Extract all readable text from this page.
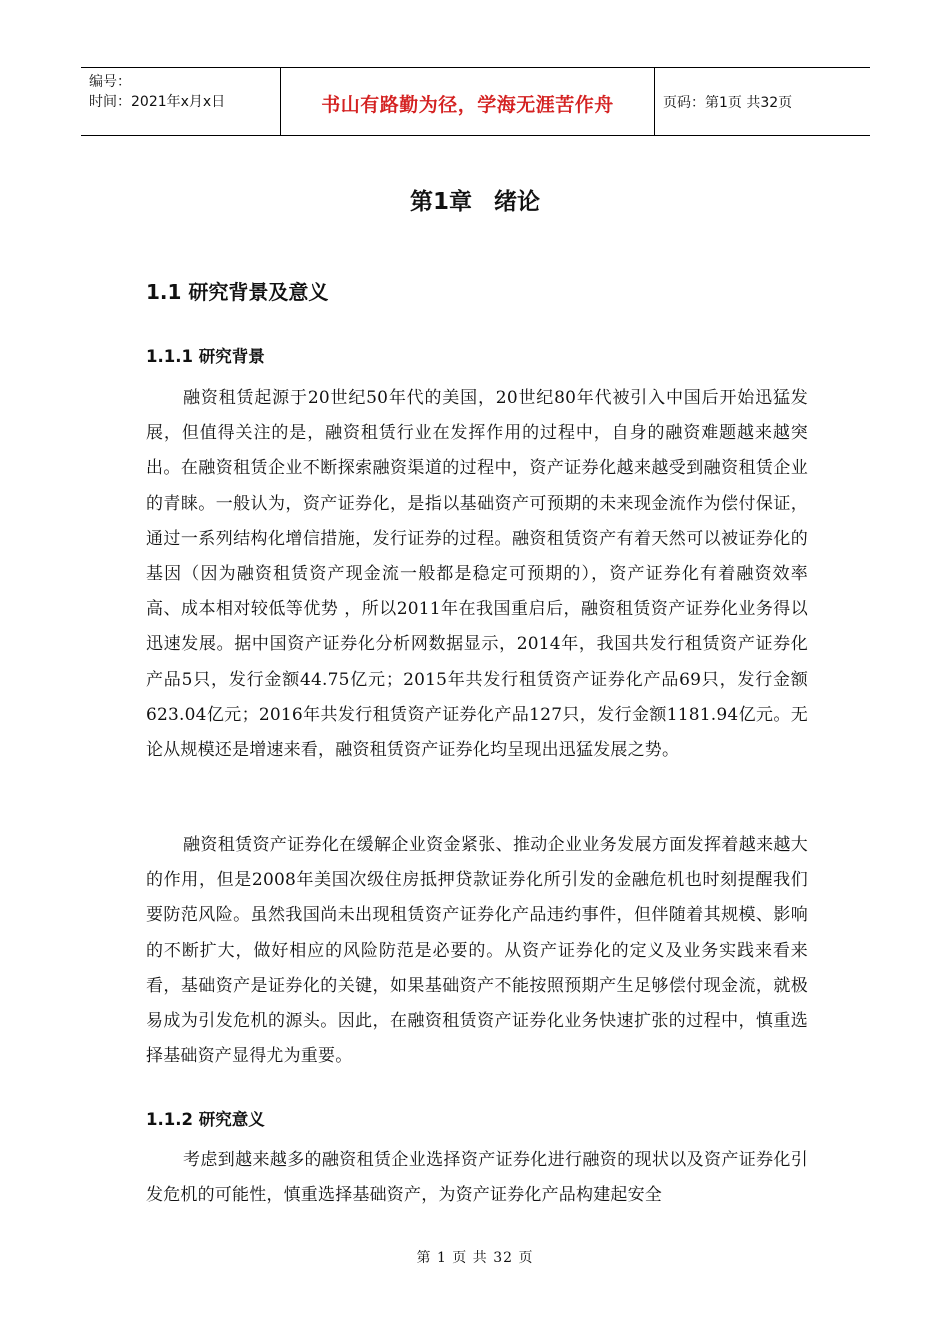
编号：
时间：2021年x月x日	书山有路勤为径，学海无涯苦作舟	页码：第1页 共32页
第1章 绪论
1.1 研究背景及意义
1.1.1 研究背景

融资租赁起源于20世纪50年代的美国，20世纪80年代被引入中国后开始迅猛发展，但值得关注的是，融资租赁行业在发挥作用的过程中，自身的融资难题越来越突出。在融资租赁企业不断探索融资渠道的过程中，资产证券化越来越受到融资租赁企业的青睐。一般认为，资产证券化，是指以基础资产可预期的未来现金流作为偿付保证，通过一系列结构化增信措施，发行证券的过程。融资租赁资产有着天然可以被证券化的基因（因为融资租赁资产现金流一般都是稳定可预期的），资产证券化有着融资效率高、成本相对较低等优势 ，所以2011年在我国重启后，融资租赁资产证券化业务得以迅速发展。据中国资产证券化分析网数据显示，2014年，我国共发行租赁资产证券化产品5只，发行金额44.75亿元；2015年共发行租赁资产证券化产品69只，发行金额623.04亿元；2016年共发行租赁资产证券化产品127只，发行金额1181.94亿元。无论从规模还是增速来看，融资租赁资产证券化均呈现出迅猛发展之势。

融资租赁资产证券化在缓解企业资金紧张、推动企业业务发展方面发挥着越来越大的作用，但是2008年美国次级住房抵押贷款证券化所引发的金融危机也时刻提醒我们要防范风险。虽然我国尚未出现租赁资产证券化产品违约事件，但伴随着其规模、影响的不断扩大，做好相应的风险防范是必要的。从资产证券化的定义及业务实践来看来看，基础资产是证券化的关键，如果基础资产不能按照预期产生足够偿付现金流，就极易成为引发危机的源头。因此，在融资租赁资产证券化业务快速扩张的过程中，慎重选择基础资产显得尤为重要。

1.1.2 研究意义

考虑到越来越多的融资租赁企业选择资产证券化进行融资的现状以及资产证券化引发危机的可能性，慎重选择基础资产，为资产证券化产品构建起安全

第 1 页 共 32 页
